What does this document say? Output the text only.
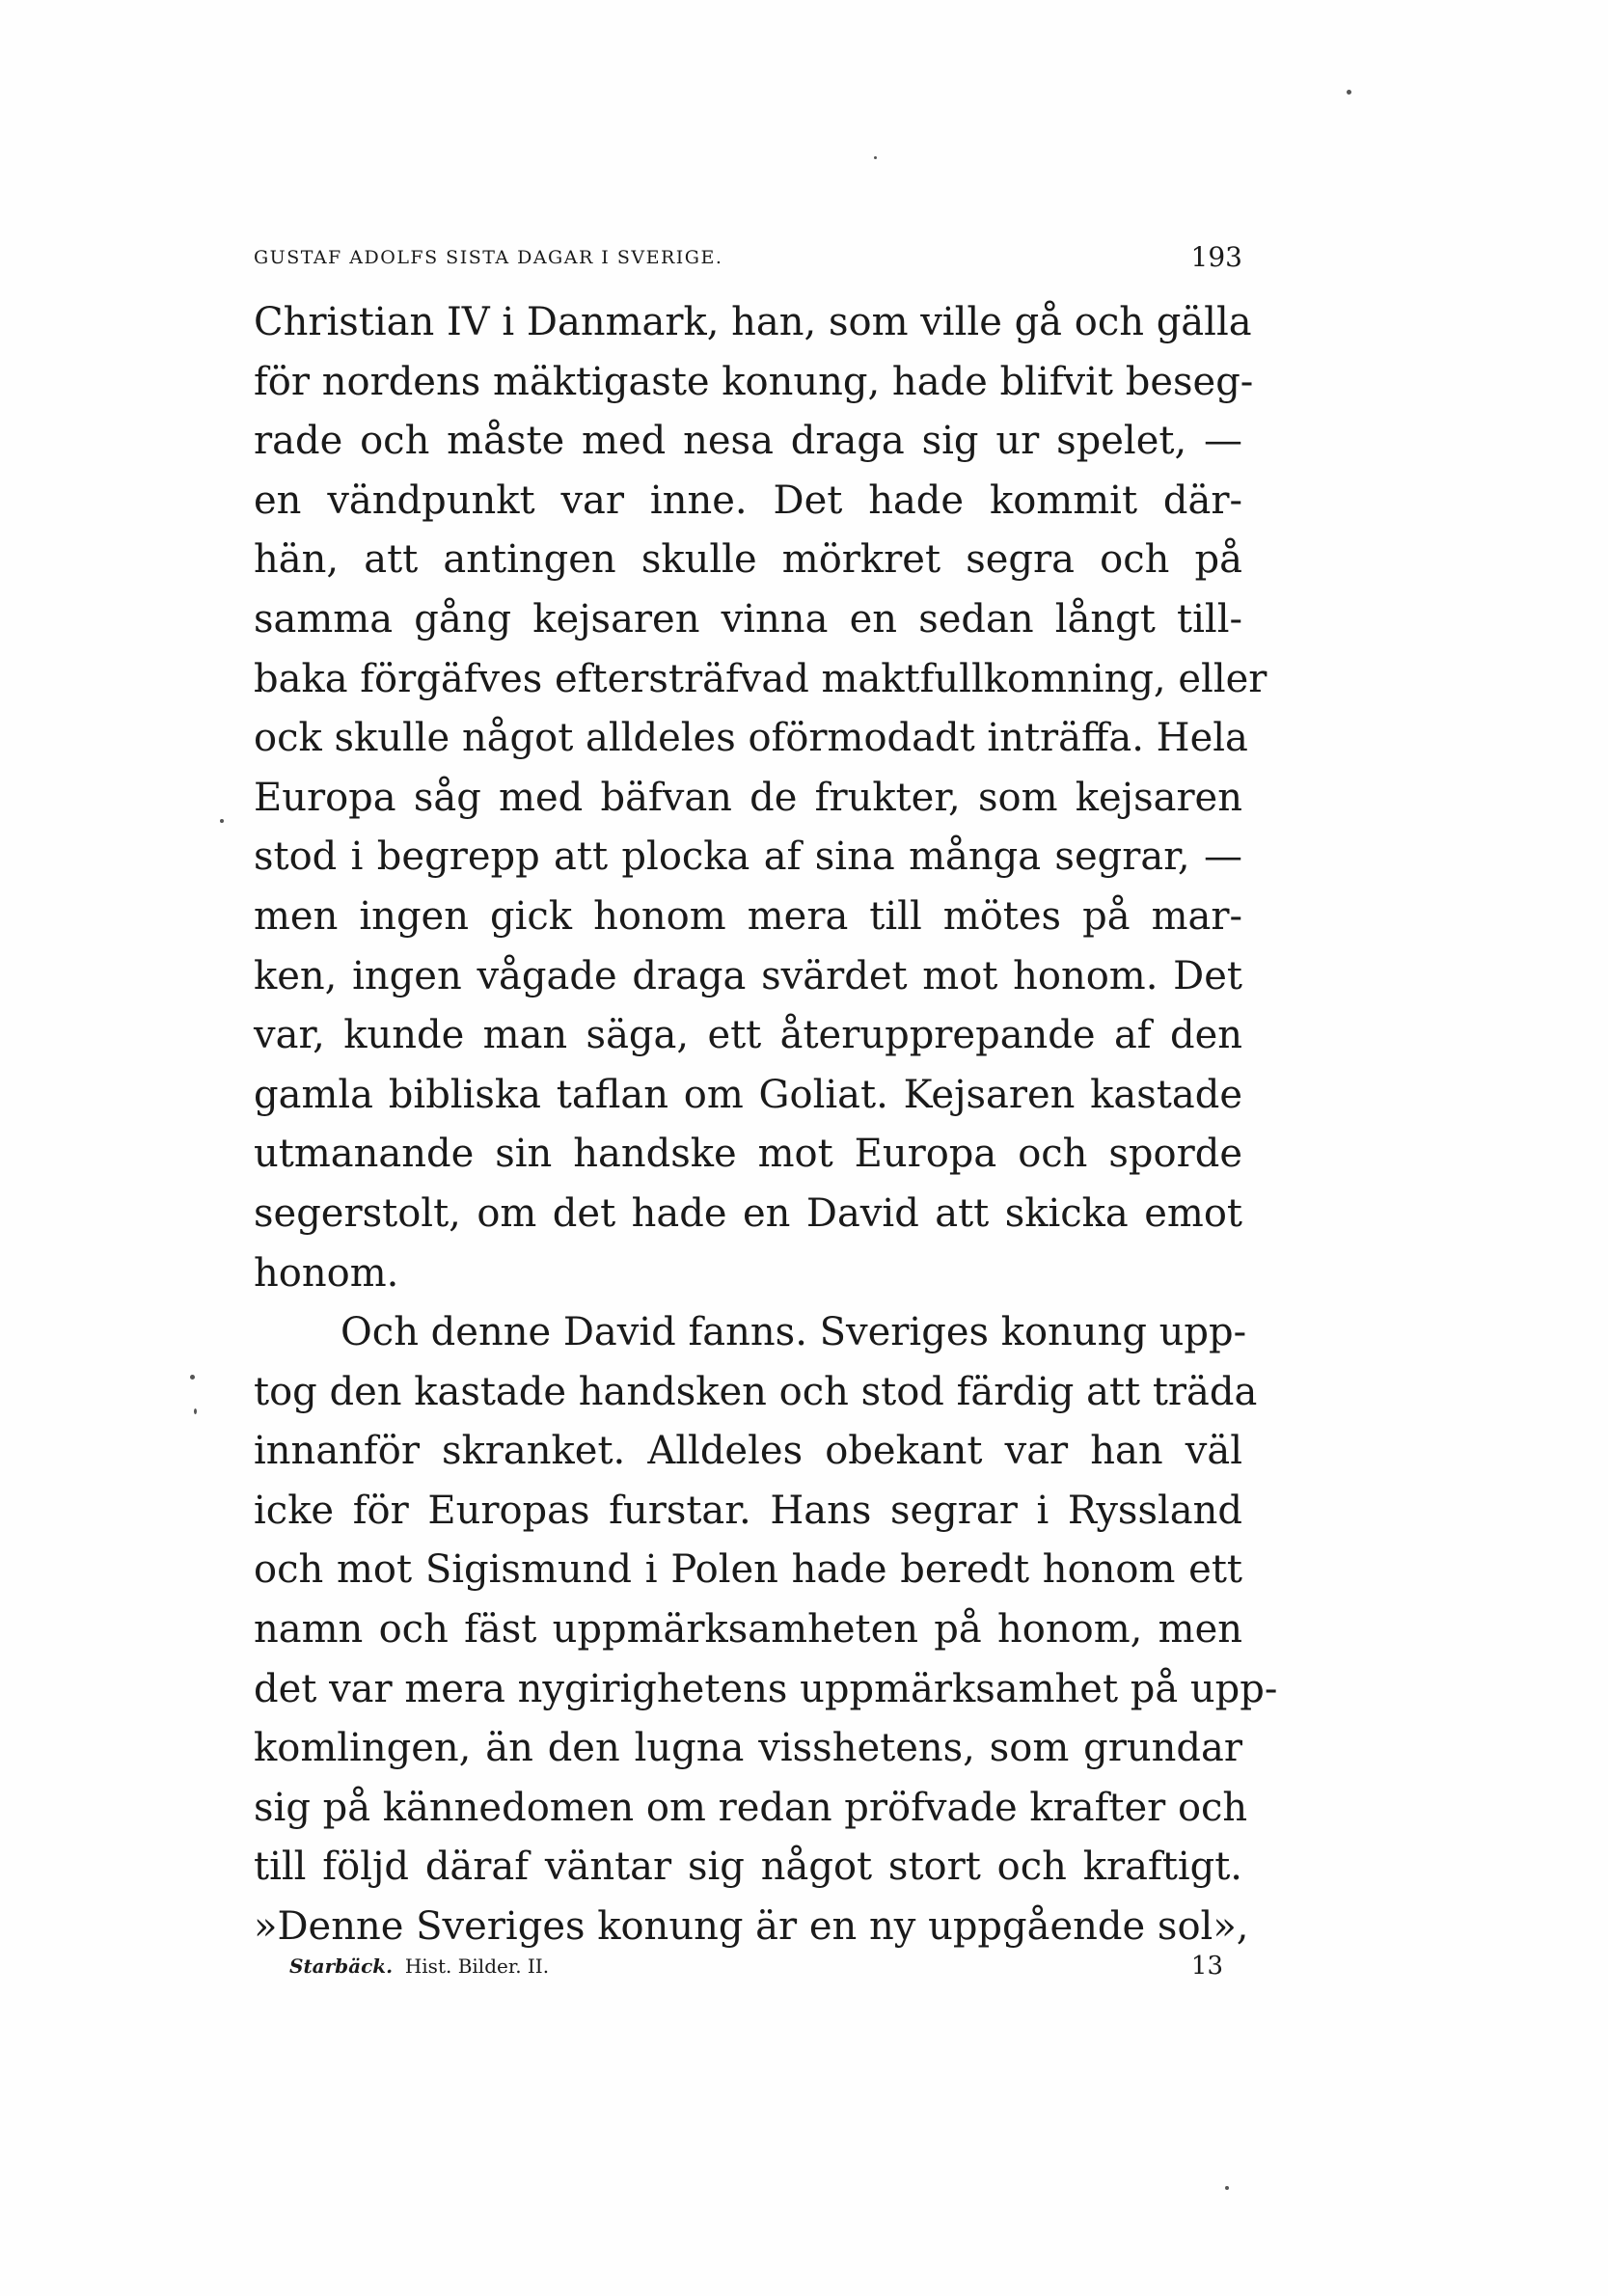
GUSTAF ADOLFS SISTA DAGAR I SVERIGE.	193
Christian IV i Danmark, han, som ville gå och gälla
för nordens mäktigaste konung, hade blifvit beseg-
rade och måste med nesa draga sig ur spelet, —
en vändpunkt var inne. Det hade kommit där-
hän, att antingen skulle mörkret segra och på
samma gång kejsaren vinna en sedan långt till-
baka förgäfves eftersträfvad maktfullkomning, eller
ock skulle något alldeles oförmodadt inträffa. Hela
Europa såg med bäfvan de frukter, som kejsaren
stod i begrepp att plocka af sina många segrar, —
men ingen gick honom mera till mötes på mar-
ken, ingen vågade draga svärdet mot honom. Det
var, kunde man säga, ett återupprepande af den
gamla bibliska taflan om Goliat. Kejsaren kastade
utmanande sin handske mot Europa och sporde
segerstolt, om det hade en David att skicka emot
honom.
Och denne David fanns. Sveriges konung upp-
tog den kastade handsken och stod färdig att träda
innanför skranket. Alldeles obekant var han väl
icke för Europas furstar. Hans segrar i Ryssland
och mot Sigismund i Polen hade beredt honom ett
namn och fäst uppmärksamheten på honom, men
det var mera nygirighetens uppmärksamhet på upp-
komlingen, än den lugna visshetens, som grundar
sig på kännedomen om redan pröfvade krafter och
till följd däraf väntar sig något stort och kraftigt.
»Denne Sveriges konung är en ny uppgående sol»,
Starbäck. Hist. Bilder. II.	13
